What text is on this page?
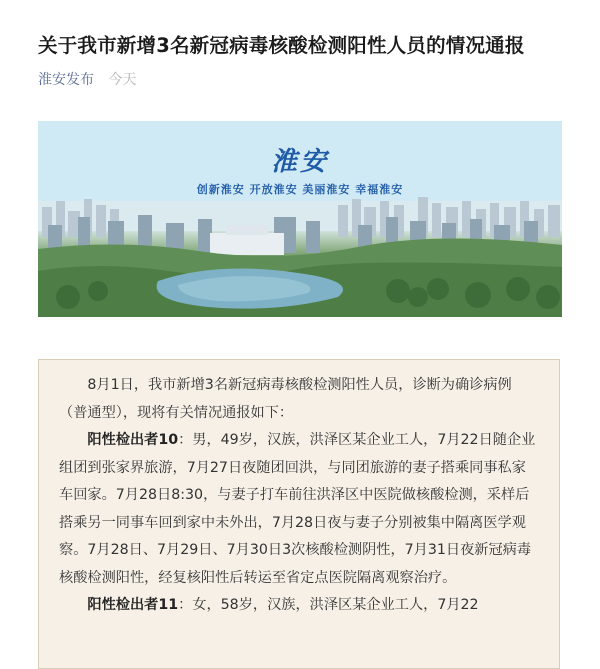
关于我市新增3名新冠病毒核酸检测阳性人员的情况通报
淮安发布 今天
淮安
创新淮安 开放淮安 美丽淮安 幸福淮安

8月1日，我市新增3名新冠病毒核酸检测阳性人员，诊断为确诊病例（普通型），现将有关情况通报如下：

阳性检出者10：男，49岁，汉族，洪泽区某企业工人，7月22日随企业组团到张家界旅游，7月27日夜随团回洪，与同团旅游的妻子搭乘同事私家车回家。7月28日8:30，与妻子打车前往洪泽区中医院做核酸检测，采样后搭乘另一同事车回到家中未外出，7月28日夜与妻子分别被集中隔离医学观察。7月28日、7月29日、7月30日3次核酸检测阴性，7月31日夜新冠病毒核酸检测阳性，经复核阳性后转运至省定点医院隔离观察治疗。

阳性检出者11：女，58岁，汉族，洪泽区某企业工人，7月22
